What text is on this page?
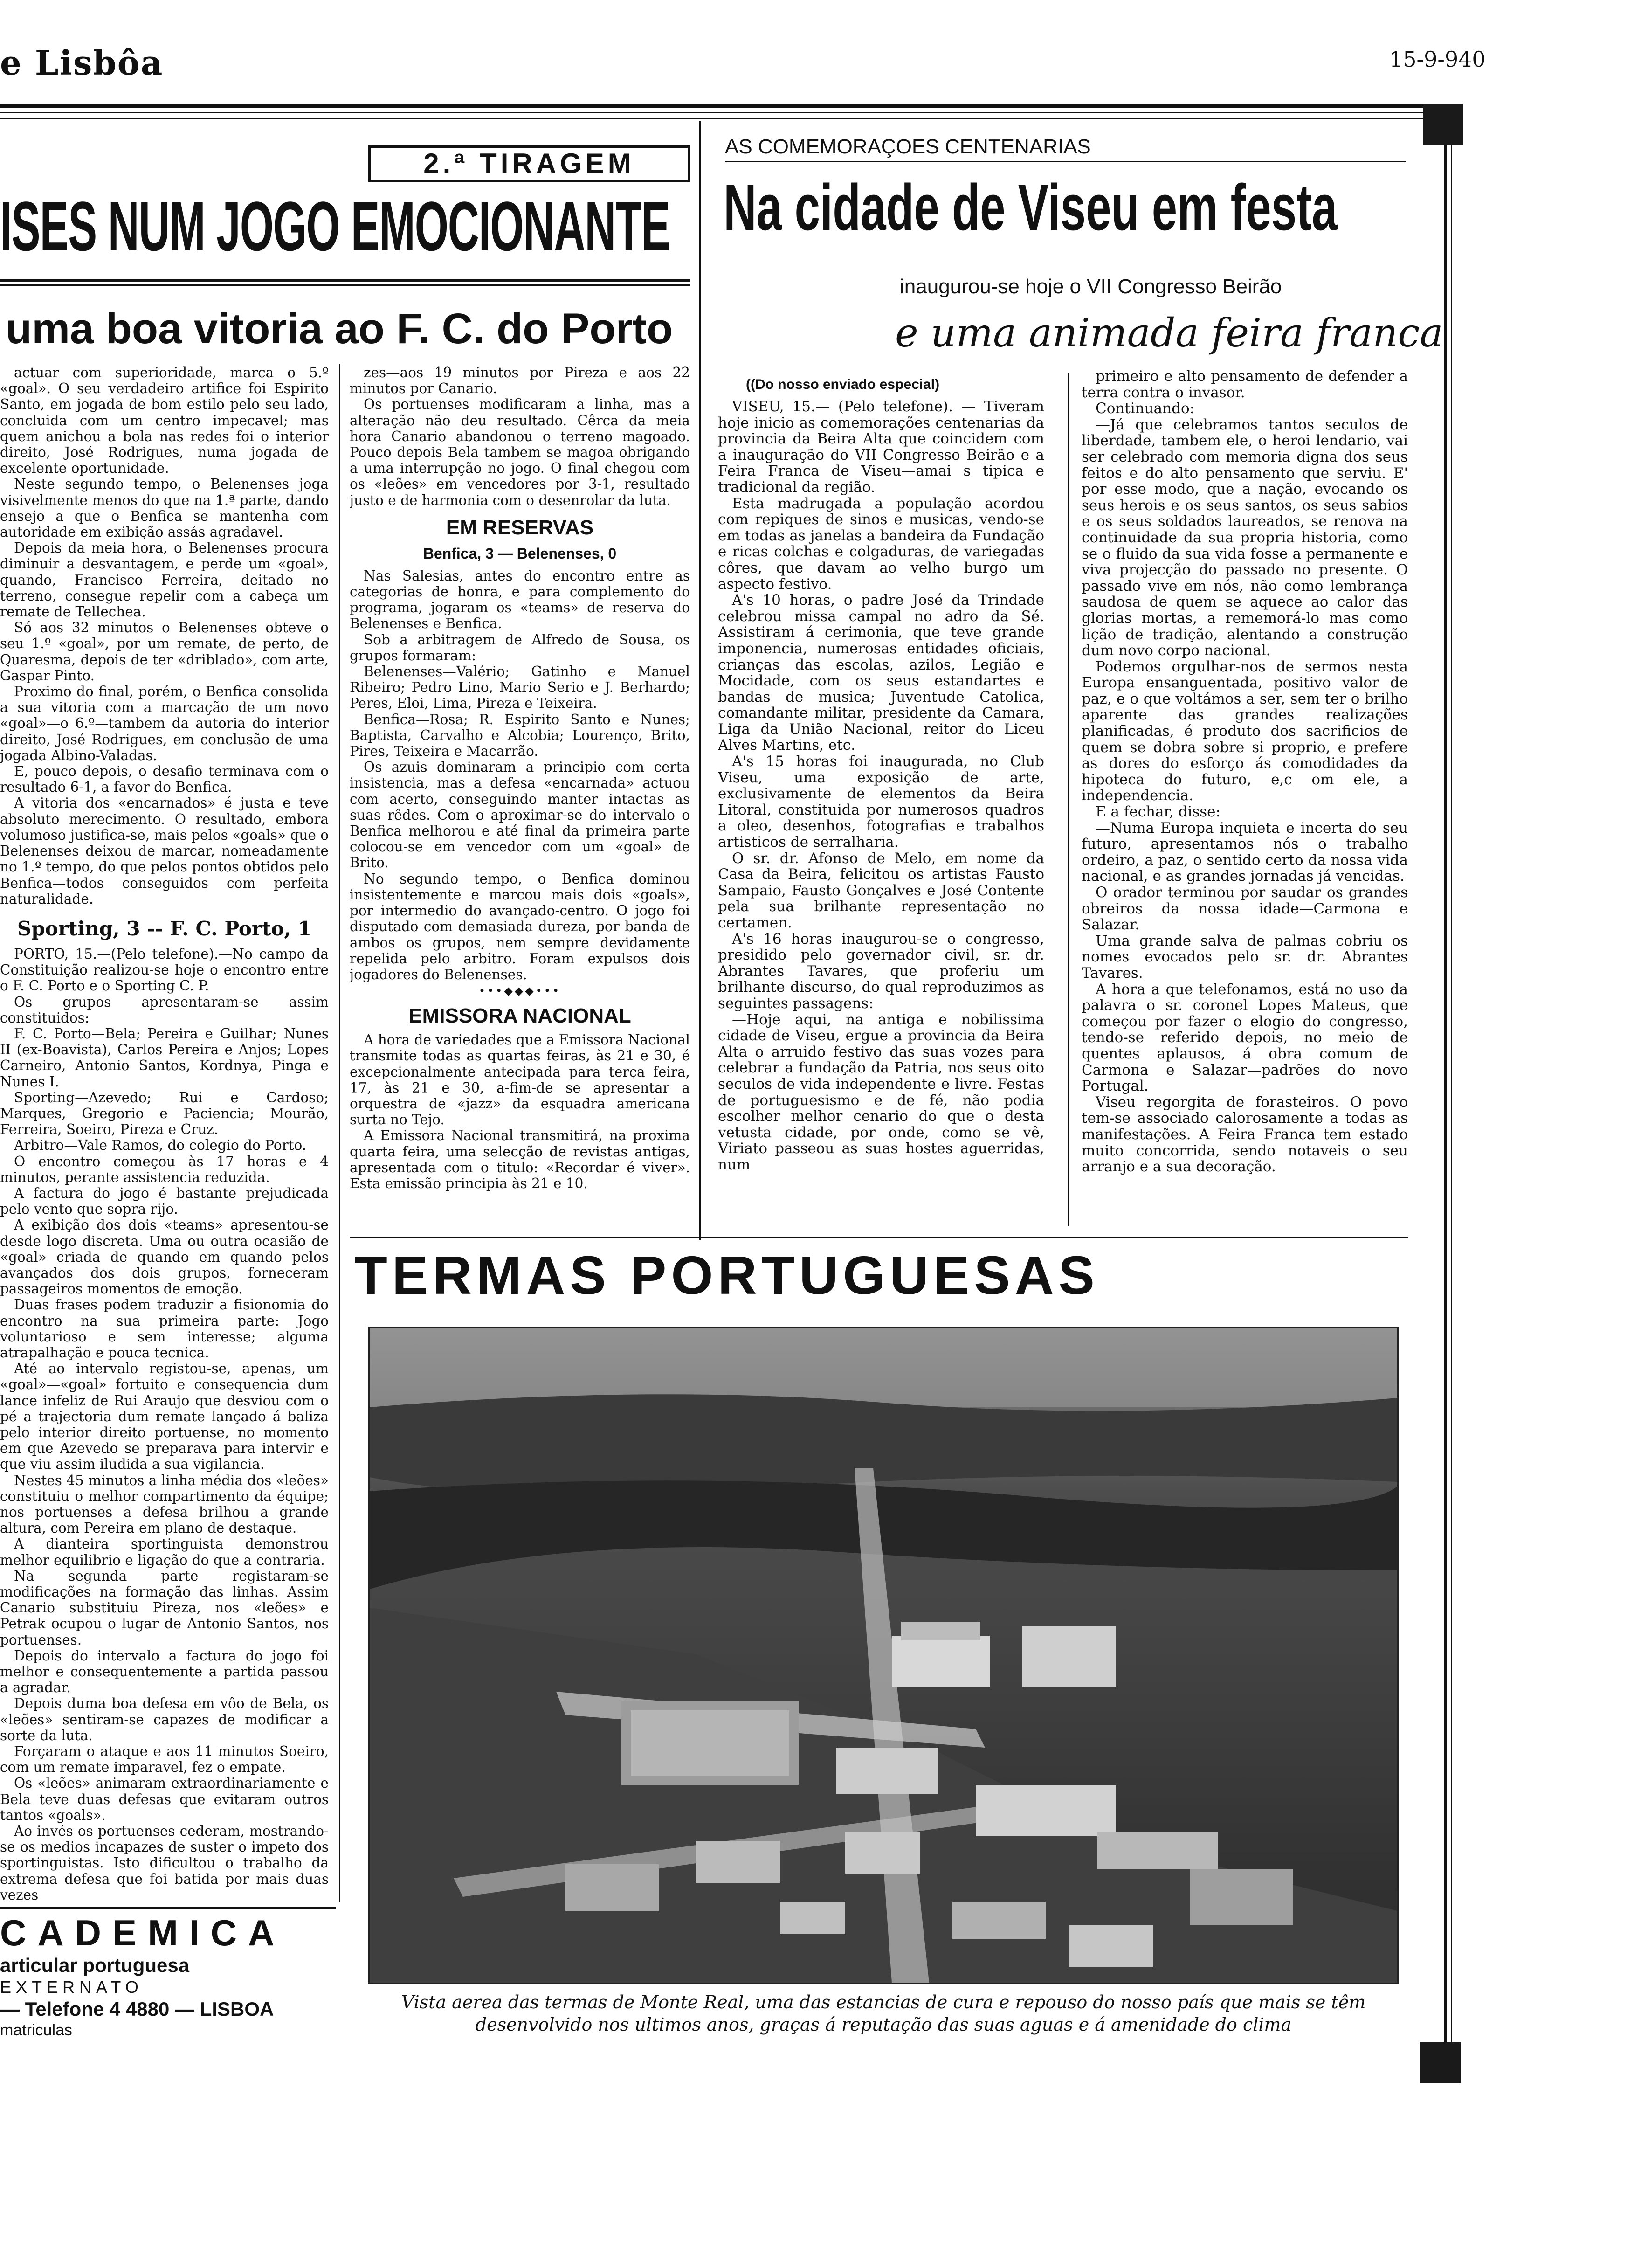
e Lisbôa	15-9-940
2.ª TIRAGEM
ISES NUM JOGO EMOCIONANTE
uma boa vitoria ao F. C. do Porto

actuar com superioridade, marca o 5.º «goal». O seu verdadeiro artifice foi Espirito Santo, em jogada de bom estilo pelo seu lado, concluida com um centro impecavel; mas quem anichou a bola nas redes foi o interior direito, José Rodrigues, numa jogada de excelente oportunidade.

Neste segundo tempo, o Belenenses joga visivelmente menos do que na 1.ª parte, dando ensejo a que o Benfica se mantenha com autoridade em exibição assás agradavel.

Depois da meia hora, o Belenenses procura diminuir a desvantagem, e perde um «goal», quando, Francisco Ferreira, deitado no terreno, consegue repelir com a cabeça um remate de Tellechea.

Só aos 32 minutos o Belenenses obteve o seu 1.º «goal», por um remate, de perto, de Quaresma, depois de ter «driblado», com arte, Gaspar Pinto.

Proximo do final, porém, o Benfica consolida a sua vitoria com a marcação de um novo «goal»—o 6.º—tambem da autoria do interior direito, José Rodrigues, em conclusão de uma jogada Albino-Valadas.

E, pouco depois, o desafio terminava com o resultado 6-1, a favor do Benfica.

A vitoria dos «encarnados» é justa e teve absoluto merecimento. O resultado, embora volumoso justifica-se, mais pelos «goals» que o Belenenses deixou de marcar, nomeadamente no 1.º tempo, do que pelos pontos obtidos pelo Benfica—todos conseguidos com perfeita naturalidade.

Sporting, 3 -- F. C. Porto, 1

PORTO, 15.—(Pelo telefone).—No campo da Constituição realizou-se hoje o encontro entre o F. C. Porto e o Sporting C. P.

Os grupos apresentaram-se assim constituidos:

F. C. Porto—Bela; Pereira e Guilhar; Nunes II (ex-Boavista), Carlos Pereira e Anjos; Lopes Carneiro, Antonio Santos, Kordnya, Pinga e Nunes I.

Sporting—Azevedo; Rui e Cardoso; Marques, Gregorio e Paciencia; Mourão, Ferreira, Soeiro, Pireza e Cruz.

Arbitro—Vale Ramos, do colegio do Porto.

O encontro começou às 17 horas e 4 minutos, perante assistencia reduzida.

A factura do jogo é bastante prejudicada pelo vento que sopra rijo.

A exibição dos dois «teams» apresentou-se desde logo discreta. Uma ou outra ocasião de «goal» criada de quando em quando pelos avançados dos dois grupos, forneceram passageiros momentos de emoção.

Duas frases podem traduzir a fisionomia do encontro na sua primeira parte: Jogo voluntarioso e sem interesse; alguma atrapalhação e pouca tecnica.

Até ao intervalo registou-se, apenas, um «goal»—«goal» fortuito e consequencia dum lance infeliz de Rui Araujo que desviou com o pé a trajectoria dum remate lançado á baliza pelo interior direito portuense, no momento em que Azevedo se preparava para intervir e que viu assim iludida a sua vigilancia.

Nestes 45 minutos a linha média dos «leões» constituiu o melhor compartimento da équipe; nos portuenses a defesa brilhou a grande altura, com Pereira em plano de destaque.

A dianteira sportinguista demonstrou melhor equilibrio e ligação do que a contraria.

Na segunda parte registaram-se modificações na formação das linhas. Assim Canario substituiu Pireza, nos «leões» e Petrak ocupou o lugar de Antonio Santos, nos portuenses.

Depois do intervalo a factura do jogo foi melhor e consequentemente a partida passou a agradar.

Depois duma boa defesa em vôo de Bela, os «leões» sentiram-se capazes de modificar a sorte da luta.

Forçaram o ataque e aos 11 minutos Soeiro, com um remate imparavel, fez o empate.

Os «leões» animaram extraordinariamente e Bela teve duas defesas que evitaram outros tantos «goals».

Ao invés os portuenses cederam, mostrando-se os medios incapazes de suster o impeto dos sportinguistas. Isto dificultou o trabalho da extrema defesa que foi batida por mais duas vezes

zes—aos 19 minutos por Pireza e aos 22 minutos por Canario.

Os portuenses modificaram a linha, mas a alteração não deu resultado. Cêrca da meia hora Canario abandonou o terreno magoado. Pouco depois Bela tambem se magoa obrigando a uma interrupção no jogo. O final chegou com os «leões» em vencedores por 3-1, resultado justo e de harmonia com o desenrolar da luta.

EM RESERVAS
Benfica, 3 — Belenenses, 0

Nas Salesias, antes do encontro entre as categorias de honra, e para complemento do programa, jogaram os «teams» de reserva do Belenenses e Benfica.

Sob a arbitragem de Alfredo de Sousa, os grupos formaram:

Belenenses—Valério; Gatinho e Manuel Ribeiro; Pedro Lino, Mario Serio e J. Berhardo; Peres, Eloi, Lima, Pireza e Teixeira.

Benfica—Rosa; R. Espirito Santo e Nunes; Baptista, Carvalho e Alcobia; Lourenço, Brito, Pires, Teixeira e Macarrão.

Os azuis dominaram a principio com certa insistencia, mas a defesa «encarnada» actuou com acerto, conseguindo manter intactas as suas rêdes. Com o aproximar-se do intervalo o Benfica melhorou e até final da primeira parte colocou-se em vencedor com um «goal» de Brito.

No segundo tempo, o Benfica dominou insistentemente e marcou mais dois «goals», por intermedio do avançado-centro. O jogo foi disputado com demasiada dureza, por banda de ambos os grupos, nem sempre devidamente repelida pelo arbitro. Foram expulsos dois jogadores do Belenenses.

•••◆◆◆•••
EMISSORA NACIONAL

A hora de variedades que a Emissora Nacional transmite todas as quartas feiras, às 21 e 30, é excepcionalmente antecipada para terça feira, 17, às 21 e 30, a-fim-de se apresentar a orquestra de «jazz» da esquadra americana surta no Tejo.

A Emissora Nacional transmitirá, na proxima quarta feira, uma selecção de revistas antigas, apresentada com o titulo: «Recordar é viver». Esta emissão principia às 21 e 10.

CADEMICA
articular portuguesa
EXTERNATO
— Telefone 4 4880 — LISBOA
matriculas
AS COMEMORAÇOES CENTENARIAS
Na cidade de Viseu em festa
inaugurou-se hoje o VII Congresso Beirão
e uma animada feira franca
((Do nosso enviado especial)

VISEU, 15.— (Pelo telefone). — Tiveram hoje inicio as comemorações centenarias da provincia da Beira Alta que coincidem com a inauguração do VII Congresso Beirão e a Feira Franca de Viseu—amai s tipica e tradicional da região.

Esta madrugada a população acordou com repiques de sinos e musicas, vendo-se em todas as janelas a bandeira da Fundação e ricas colchas e colgaduras, de variegadas côres, que davam ao velho burgo um aspecto festivo.

A's 10 horas, o padre José da Trindade celebrou missa campal no adro da Sé. Assistiram á cerimonia, que teve grande imponencia, numerosas entidades oficiais, crianças das escolas, azilos, Legião e Mocidade, com os seus estandartes e bandas de musica; Juventude Catolica, comandante militar, presidente da Camara, Liga da União Nacional, reitor do Liceu Alves Martins, etc.

A's 15 horas foi inaugurada, no Club Viseu, uma exposição de arte, exclusivamente de elementos da Beira Litoral, constituida por numerosos quadros a oleo, desenhos, fotografias e trabalhos artisticos de serralharia.

O sr. dr. Afonso de Melo, em nome da Casa da Beira, felicitou os artistas Fausto Sampaio, Fausto Gonçalves e José Contente pela sua brilhante representação no certamen.

A's 16 horas inaugurou-se o congresso, presidido pelo governador civil, sr. dr. Abrantes Tavares, que proferiu um brilhante discurso, do qual reproduzimos as seguintes passagens:

—Hoje aqui, na antiga e nobilissima cidade de Viseu, ergue a provincia da Beira Alta o arruido festivo das suas vozes para celebrar a fundação da Patria, nos seus oito seculos de vida independente e livre. Festas de portuguesismo e de fé, não podia escolher melhor cenario do que o desta vetusta cidade, por onde, como se vê, Viriato passeou as suas hostes aguerridas, num

primeiro e alto pensamento de defender a terra contra o invasor.

Continuando:

—Já que celebramos tantos seculos de liberdade, tambem ele, o heroi lendario, vai ser celebrado com memoria digna dos seus feitos e do alto pensamento que serviu. E' por esse modo, que a nação, evocando os seus herois e os seus santos, os seus sabios e os seus soldados laureados, se renova na continuidade da sua propria historia, como se o fluido da sua vida fosse a permanente e viva projecção do passado no presente. O passado vive em nós, não como lembrança saudosa de quem se aquece ao calor das glorias mortas, a rememorá-lo mas como lição de tradição, alentando a construção dum novo corpo nacional.

Podemos orgulhar-nos de sermos nesta Europa ensanguentada, positivo valor de paz, e o que voltámos a ser, sem ter o brilho aparente das grandes realizações planificadas, é produto dos sacrificios de quem se dobra sobre si proprio, e prefere as dores do esforço ás comodidades da hipoteca do futuro, e,c om ele, a independencia.

E a fechar, disse:

—Numa Europa inquieta e incerta do seu futuro, apresentamos nós o trabalho ordeiro, a paz, o sentido certo da nossa vida nacional, e as grandes jornadas já vencidas.

O orador terminou por saudar os grandes obreiros da nossa idade—Carmona e Salazar.

Uma grande salva de palmas cobriu os nomes evocados pelo sr. dr. Abrantes Tavares.

A hora a que telefonamos, está no uso da palavra o sr. coronel Lopes Mateus, que começou por fazer o elogio do congresso, tendo-se referido depois, no meio de quentes aplausos, á obra comum de Carmona e Salazar—padrões do novo Portugal.

Viseu regorgita de forasteiros. O povo tem-se associado calorosamente a todas as manifestações. A Feira Franca tem estado muito concorrida, sendo notaveis o seu arranjo e a sua decoração.

TERMAS PORTUGUESAS
Vista aerea das termas de Monte Real, uma das estancias de cura e repouso do nosso país que mais se têm desenvolvido nos ultimos anos, graças á reputação das suas aguas e á amenidade do clima
